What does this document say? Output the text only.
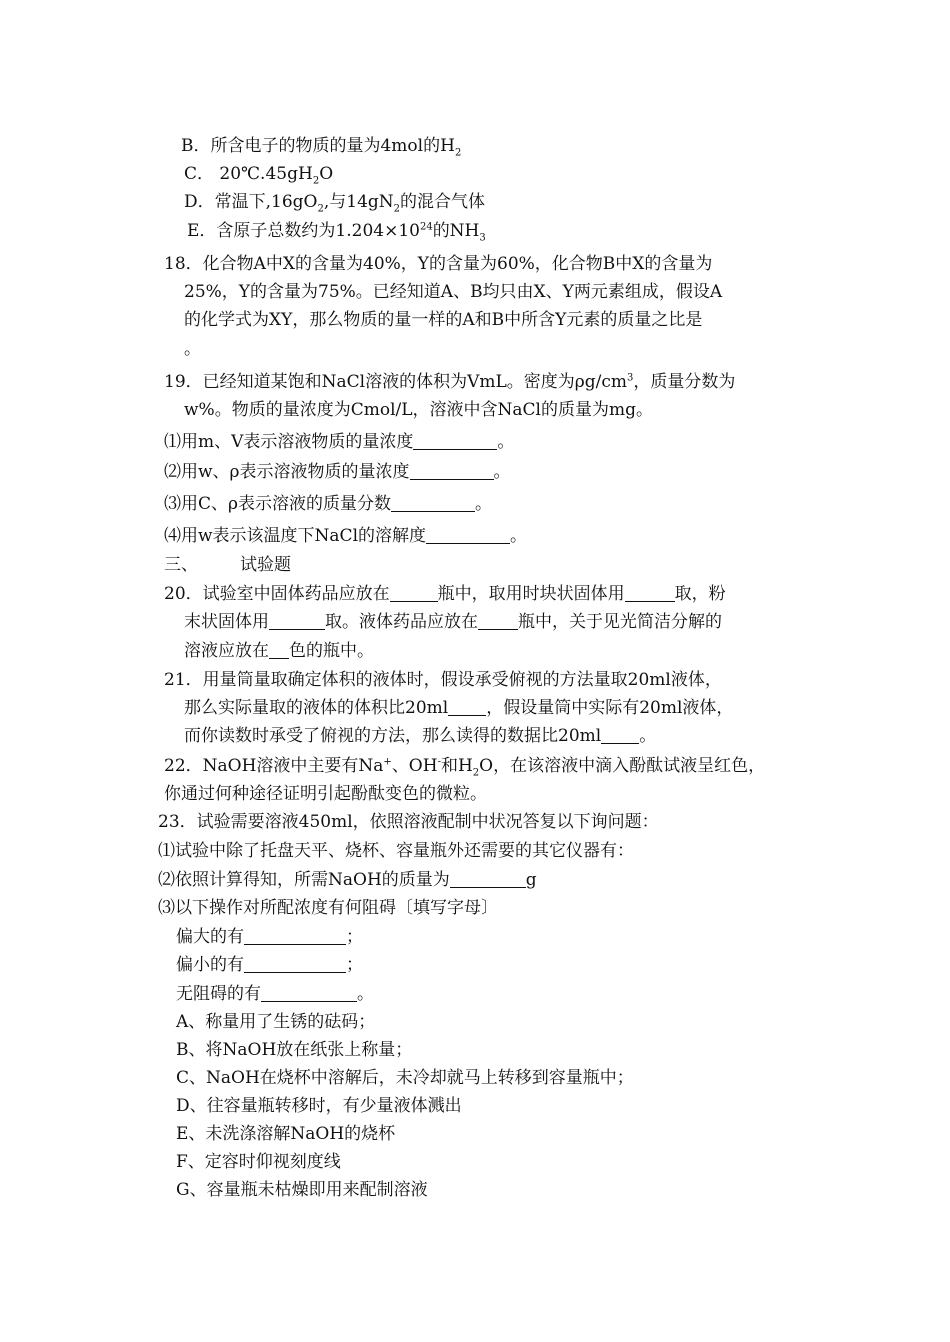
B．所含电子的物质的量为4mol的$H_2$
C． $20℃.45gH_2O$
D．常温下$,16gO_2$,与$14gN_2$的混合气体
E．含原子总数约为$1.204\times 10^{24}$的$NH_3$
18．化合物A中X的含量为40%，Y的含量为60%，化合物B中X的含量为
25%，Y的含量为75%。已经知道A、B均只由X、Y两元素组成，假设A
的化学式为XY，那么物质的量一样的A和B中所含Y元素的质量之比是
。
19．已经知道某饱和NaCl溶液的体积为VmL。密度为$\rho g/cm^3$，质量分数为
w%。物质的量浓度为Cmol/L，溶液中含NaCl的质量为mg。
⑴用m、V表示溶液物质的量浓度	。
⑵用w、ρ表示溶液物质的量浓度	。
⑶用C、ρ表示溶液的质量分数	。
⑷用w表示该温度下NaCl的溶解度	。
三、 试验题
20．试验室中固体药品应放在	瓶中，取用时块状固体用	取，粉
末状固体用	取。液体药品应放在 瓶中，关于见光简洁分解的
溶液应放在 色的瓶中。
21．用量筒量取确定体积的液体时，假设承受俯视的方法量取20ml液体，
那么实际量取的液体的体积比20ml ，假设量筒中实际有20ml液体，
而你读数时承受了俯视的方法，那么读得的数据比20ml 。
22．NaOH溶液中主要有Na+、OH-和$H_2O$，在该溶液中滴入酚酞试液呈红色，
你通过何种途径证明引起酚酞变色的微粒。
23．试验需要溶液450ml，依照溶液配制中状况答复以下询问题：
⑴试验中除了托盘天平、烧杯、容量瓶外还需要的其它仪器有：
⑵依照计算得知，所需NaOH的质量为	g
⑶以下操作对所配浓度有何阻碍〔填写字母〕
偏大的有	；
偏小的有	；
无阻碍的有	。
A、称量用了生锈的砝码；
B、将NaOH放在纸张上称量；
C、NaOH在烧杯中溶解后，未冷却就马上转移到容量瓶中；
D、往容量瓶转移时，有少量液体溅出
E、未洗涤溶解NaOH的烧杯
F、定容时仰视刻度线
G、容量瓶未枯燥即用来配制溶液
